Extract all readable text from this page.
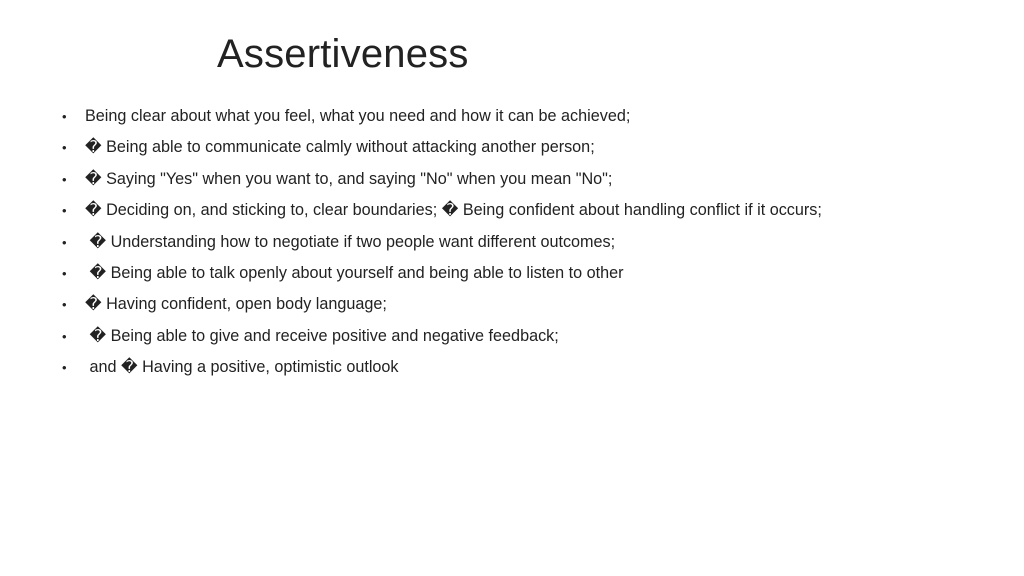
Assertiveness
• Being clear about what you feel, what you need and how it can be achieved;
• � Being able to communicate calmly without attacking another person;
• � Saying "Yes" when you want to, and saying "No" when you mean "No";
• � Deciding on, and sticking to, clear boundaries; � Being confident about handling conflict if it occurs;
• � Understanding how to negotiate if two people want different outcomes;
• � Being able to talk openly about yourself and being able to listen to other
• � Having confident, open body language;
• � Being able to give and receive positive and negative feedback;
• and � Having a positive, optimistic outlook
